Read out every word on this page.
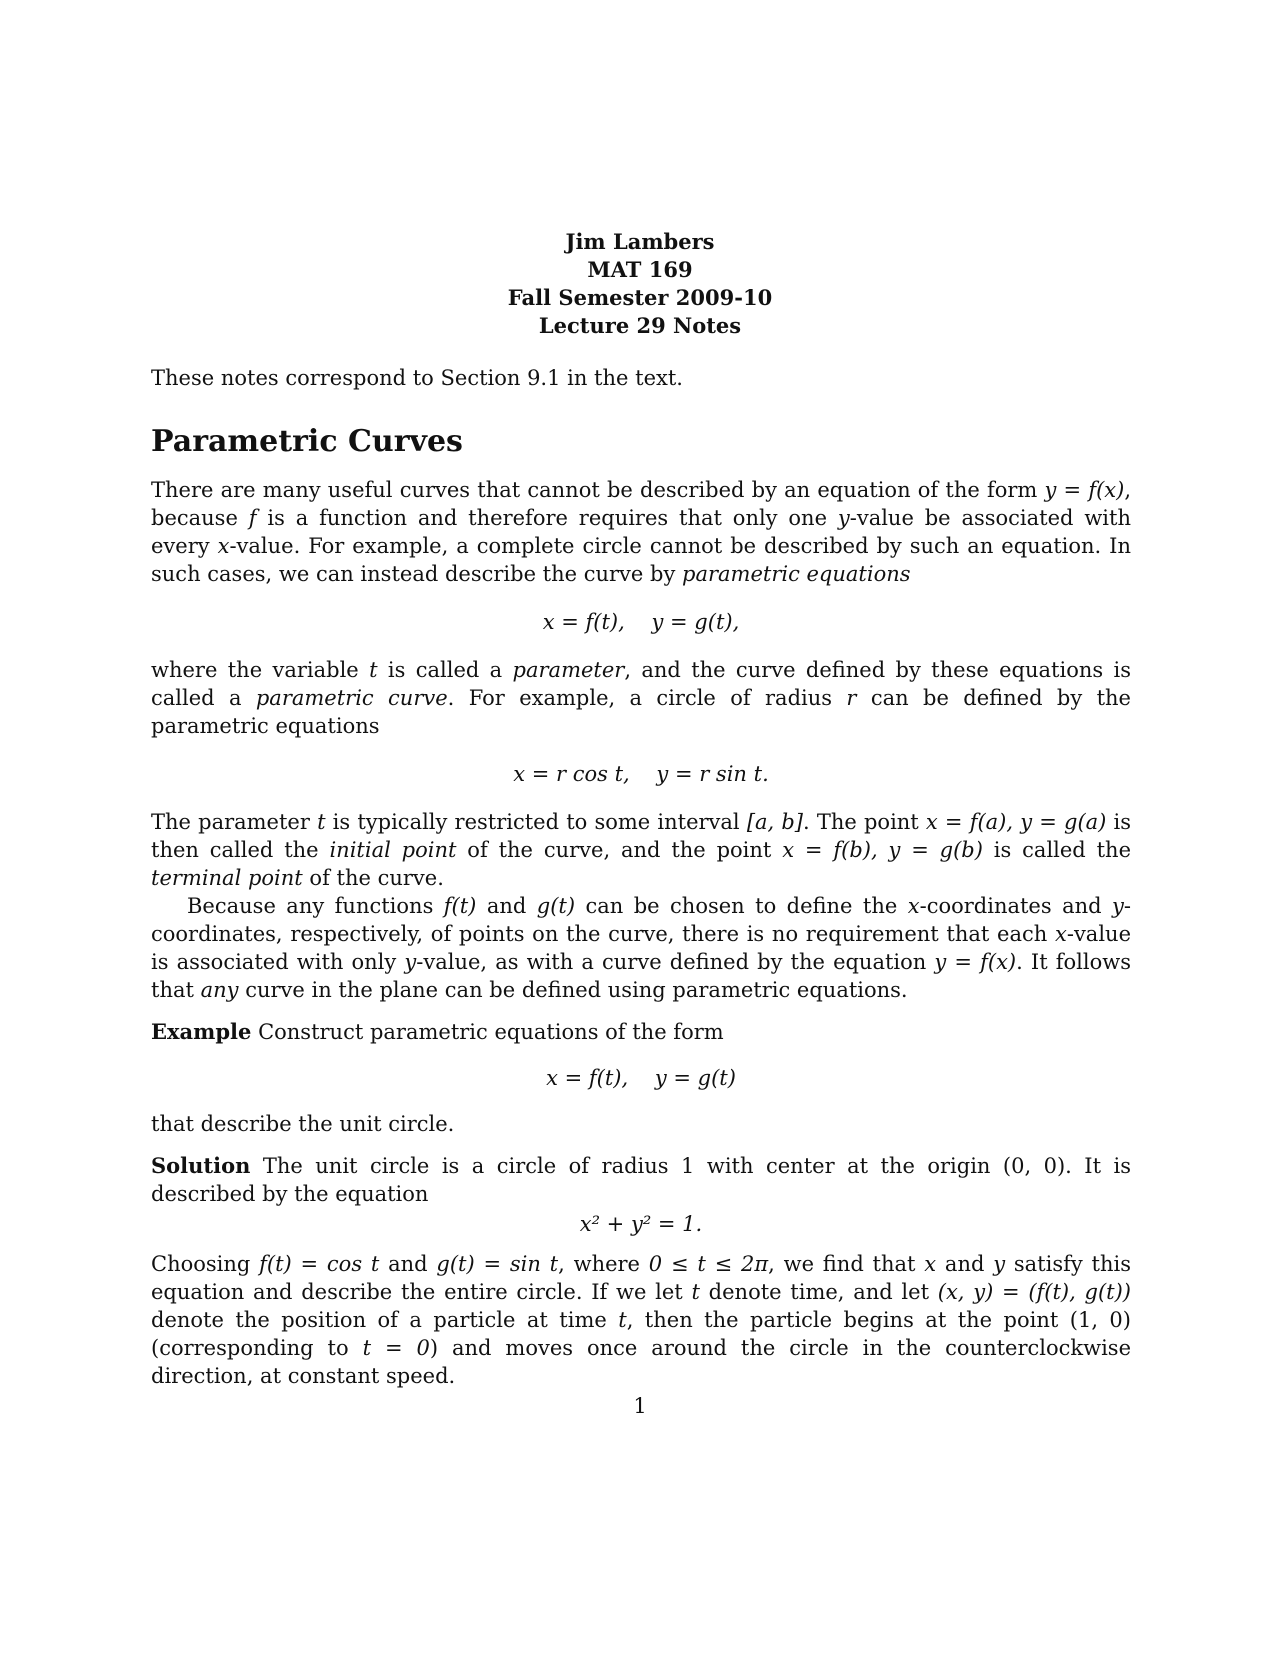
Jim Lambers
MAT 169
Fall Semester 2009-10
Lecture 29 Notes
These notes correspond to Section 9.1 in the text.
Parametric Curves

There are many useful curves that cannot be described by an equation of the form y = f(x), because f is a function and therefore requires that only one y-value be associated with every x-value. For example, a complete circle cannot be described by such an equation. In such cases, we can instead describe the curve by parametric equations

x = f(t),    y = g(t),

where the variable t is called a parameter, and the curve defined by these equations is called a parametric curve. For example, a circle of radius r can be defined by the parametric equations

x = r cos t,    y = r sin t.

The parameter t is typically restricted to some interval [a, b]. The point x = f(a), y = g(a) is then called the initial point of the curve, and the point x = f(b), y = g(b) is called the terminal point of the curve.

Because any functions f(t) and g(t) can be chosen to define the x-coordinates and y-coordinates, respectively, of points on the curve, there is no requirement that each x-value is associated with only y-value, as with a curve defined by the equation y = f(x). It follows that any curve in the plane can be defined using parametric equations.

Example Construct parametric equations of the form

x = f(t),    y = g(t)

that describe the unit circle.

Solution The unit circle is a circle of radius 1 with center at the origin (0, 0). It is described by the equation

x² + y² = 1.

Choosing f(t) = cos t and g(t) = sin t, where 0 ≤ t ≤ 2π, we find that x and y satisfy this equation and describe the entire circle. If we let t denote time, and let (x, y) = (f(t), g(t)) denote the position of a particle at time t, then the particle begins at the point (1, 0) (corresponding to t = 0) and moves once around the circle in the counterclockwise direction, at constant speed.

1
